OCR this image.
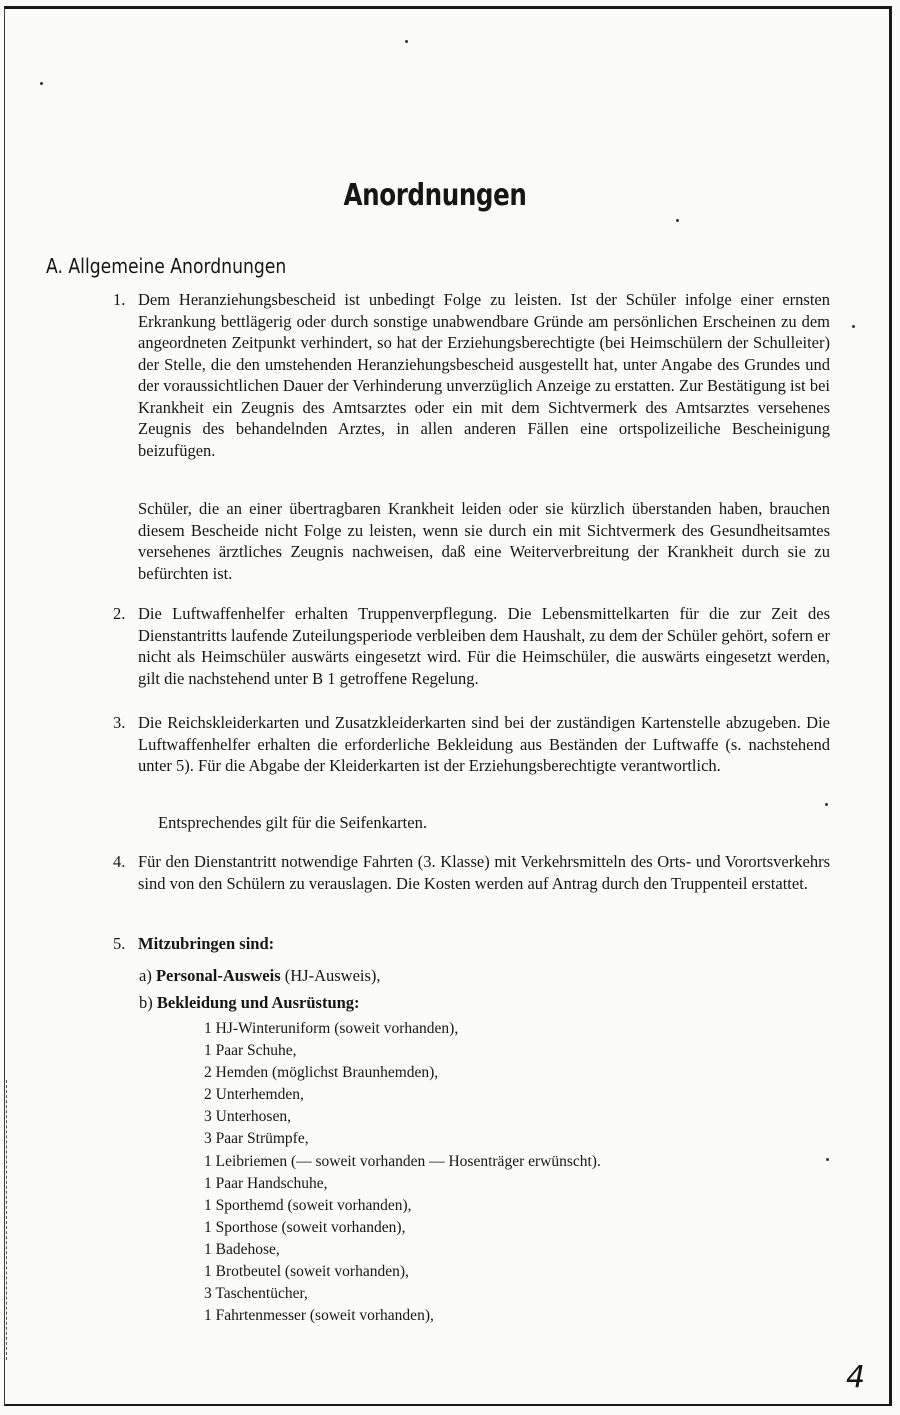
Anordnungen
A. Allgemeine Anordnungen
1. Dem Heranziehungsbescheid ist unbedingt Folge zu leisten. Ist der Schüler infolge einer ernsten Erkrankung bettlägerig oder durch sonstige unabwendbare Gründe am persönlichen Erscheinen zu dem angeordneten Zeitpunkt verhindert, so hat der Erziehungsberechtigte (bei Heimschülern der Schulleiter) der Stelle, die den umstehenden Heranziehungsbescheid ausgestellt hat, unter Angabe des Grundes und der voraussichtlichen Dauer der Verhinderung unverzüglich Anzeige zu erstatten. Zur Bestätigung ist bei Krankheit ein Zeugnis des Amtsarztes oder ein mit dem Sichtvermerk des Amtsarztes versehenes Zeugnis des behandelnden Arztes, in allen anderen Fällen eine ortspolizeiliche Bescheinigung beizufügen.
Schüler, die an einer übertragbaren Krankheit leiden oder sie kürzlich überstanden haben, brauchen diesem Bescheide nicht Folge zu leisten, wenn sie durch ein mit Sichtvermerk des Gesundheitsamtes versehenes ärztliches Zeugnis nachweisen, daß eine Weiterverbreitung der Krankheit durch sie zu befürchten ist.
2. Die Luftwaffenhelfer erhalten Truppenverpflegung. Die Lebensmittelkarten für die zur Zeit des Dienstantritts laufende Zuteilungsperiode verbleiben dem Haushalt, zu dem der Schüler gehört, sofern er nicht als Heimschüler auswärts eingesetzt wird. Für die Heimschüler, die auswärts eingesetzt werden, gilt die nachstehend unter B 1 getroffene Regelung.
3. Die Reichskleiderkarten und Zusatzkleiderkarten sind bei der zuständigen Kartenstelle abzugeben. Die Luftwaffenhelfer erhalten die erforderliche Bekleidung aus Beständen der Luftwaffe (s. nachstehend unter 5). Für die Abgabe der Kleiderkarten ist der Erziehungsberechtigte verantwortlich.
Entsprechendes gilt für die Seifenkarten.
4. Für den Dienstantritt notwendige Fahrten (3. Klasse) mit Verkehrsmitteln des Orts- und Vorortsverkehrs sind von den Schülern zu verauslagen. Die Kosten werden auf Antrag durch den Truppenteil erstattet.
5. Mitzubringen sind:
a) Personal-Ausweis (HJ-Ausweis),
b) Bekleidung und Ausrüstung:
1 HJ-Winteruniform (soweit vorhanden),
1 Paar Schuhe,
2 Hemden (möglichst Braunhemden),
2 Unterhemden,
3 Unterhosen,
3 Paar Strümpfe,
1 Leibriemen (— soweit vorhanden — Hosenträger erwünscht).
1 Paar Handschuhe,
1 Sporthemd (soweit vorhanden),
1 Sporthose (soweit vorhanden),
1 Badehose,
1 Brotbeutel (soweit vorhanden),
3 Taschentücher,
1 Fahrtenmesser (soweit vorhanden),
4
